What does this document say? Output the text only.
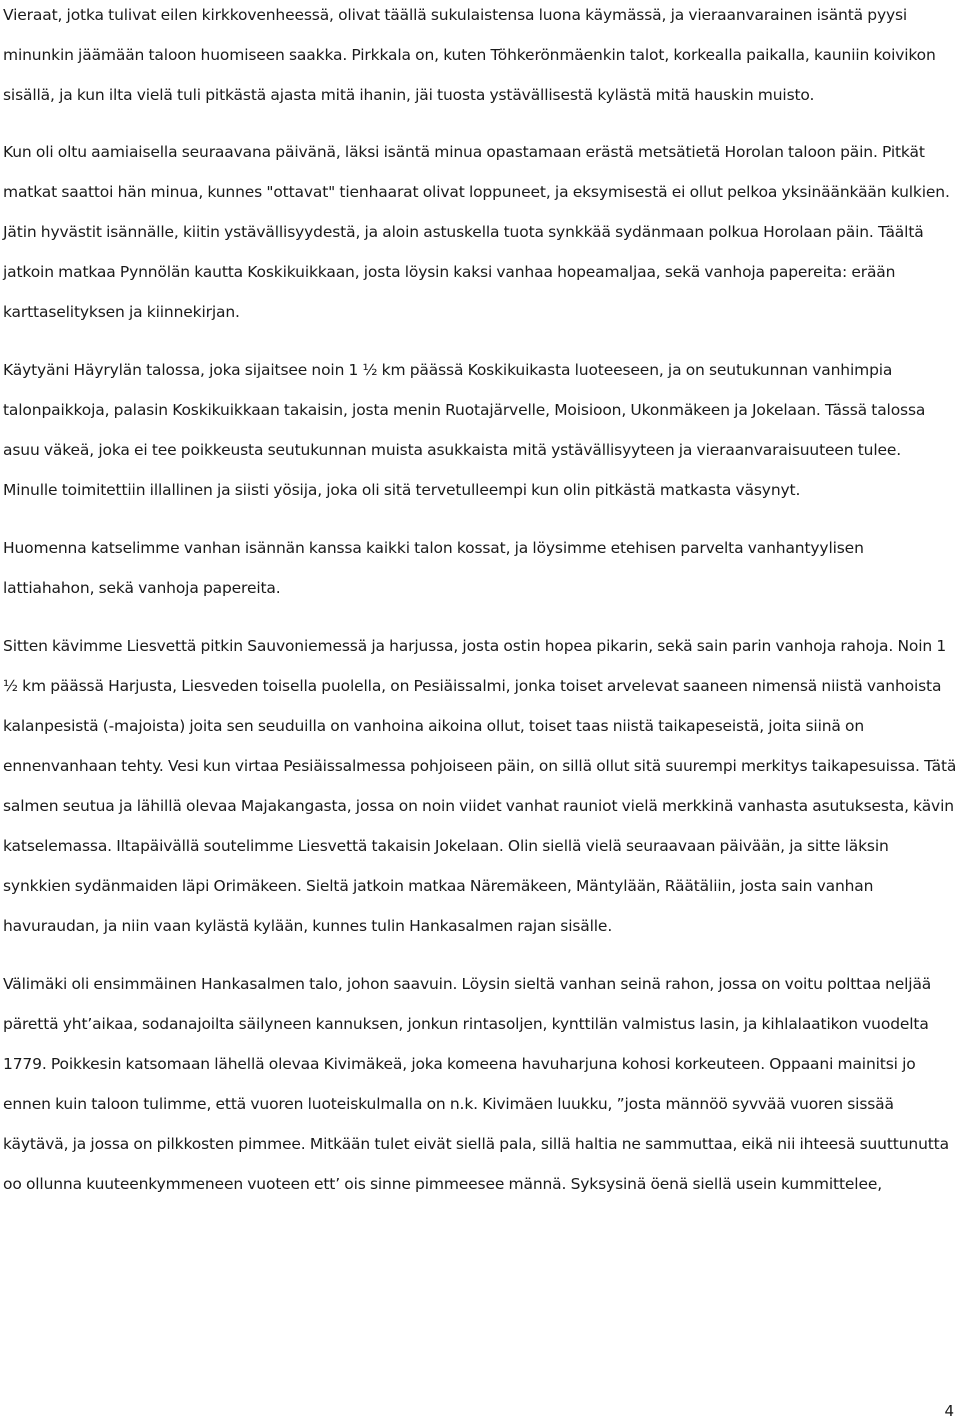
Vieraat, jotka tulivat eilen kirkkovenheessä, olivat täällä sukulaistensa luona käymässä, ja vieraanvarainen isäntä pyysi minunkin jäämään taloon huomiseen saakka. Pirkkala on, kuten Töhkerönmäenkin talot, korkealla paikalla, kauniin koivikon sisällä, ja kun ilta vielä tuli pitkästä ajasta mitä ihanin, jäi tuosta ystävällisestä kylästä mitä hauskin muisto.

Kun oli oltu aamiaisella seuraavana päivänä, läksi isäntä minua opastamaan erästä metsätietä Horolan taloon päin. Pitkät matkat saattoi hän minua, kunnes "ottavat" tienhaarat olivat loppuneet, ja eksymisestä ei ollut pelkoa yksinäänkään kulkien. Jätin hyvästit isännälle, kiitin ystävällisyydestä, ja aloin astuskella tuota synkkää sydänmaan polkua Horolaan päin. Täältä jatkoin matkaa Pynnölän kautta Koskikuikkaan, josta löysin kaksi vanhaa hopeamaljaa, sekä vanhoja papereita: erään karttaselityksen ja kiinnekirjan.

Käytyäni Häyrylän talossa, joka sijaitsee noin 1 ½ km päässä Koskikuikasta luoteeseen, ja on seutukunnan vanhimpia talonpaikkoja, palasin Koskikuikkaan takaisin, josta menin Ruotajärvelle, Moisioon, Ukonmäkeen ja Jokelaan. Tässä talossa asuu väkeä, joka ei tee poikkeusta seutukunnan muista asukkaista mitä ystävällisyyteen ja vieraanvaraisuuteen tulee. Minulle toimitettiin illallinen ja siisti yösija, joka oli sitä tervetulleempi kun olin pitkästä matkasta väsynyt.

Huomenna katselimme vanhan isännän kanssa kaikki talon kossat, ja löysimme etehisen parvelta vanhantyylisen lattiahahon, sekä vanhoja papereita.

Sitten kävimme Liesvettä pitkin Sauvoniemessä ja harjussa, josta ostin hopea pikarin, sekä sain parin vanhoja rahoja. Noin 1 ½ km päässä Harjusta, Liesveden toisella puolella, on Pesiäissalmi, jonka toiset arvelevat saaneen nimensä niistä vanhoista kalanpesistä (-majoista) joita sen seuduilla on vanhoina aikoina ollut, toiset taas niistä taikapeseistä, joita siinä on ennenvanhaan tehty. Vesi kun virtaa Pesiäissalmessa pohjoiseen päin, on sillä ollut sitä suurempi merkitys taikapesuissa. Tätä salmen seutua ja lähillä olevaa Majakangasta, jossa on noin viidet vanhat rauniot vielä merkkinä vanhasta asutuksesta, kävin katselemassa. Iltapäivällä soutelimme Liesvettä takaisin Jokelaan. Olin siellä vielä seuraavaan päivään, ja sitte läksin synkkien sydänmaiden läpi Orimäkeen. Sieltä jatkoin matkaa Näremäkeen, Mäntylään, Räätäliin, josta sain vanhan havuraudan, ja niin vaan kylästä kylään, kunnes tulin Hankasalmen rajan sisälle.

Välimäki oli ensimmäinen Hankasalmen talo, johon saavuin. Löysin sieltä vanhan seinä rahon, jossa on voitu polttaa neljää pärettä yht’aikaa, sodanajoilta säilyneen kannuksen, jonkun rintasoljen, kynttilän valmistus lasin, ja kihlalaatikon vuodelta 1779. Poikkesin katsomaan lähellä olevaa Kivimäkeä, joka komeena havuharjuna kohosi korkeuteen. Oppaani mainitsi jo ennen kuin taloon tulimme, että vuoren luoteiskulmalla on n.k. Kivimäen luukku, ”josta männöö syvvää vuoren sissää käytävä, ja jossa on pilkkosten pimmee. Mitkään tulet eivät siellä pala, sillä haltia ne sammuttaa, eikä nii ihteesä suuttunutta oo ollunna kuuteenkymmeneen vuoteen ett’ ois sinne pimmeesee männä. Syksysinä öenä siellä usein kummittelee,

4
